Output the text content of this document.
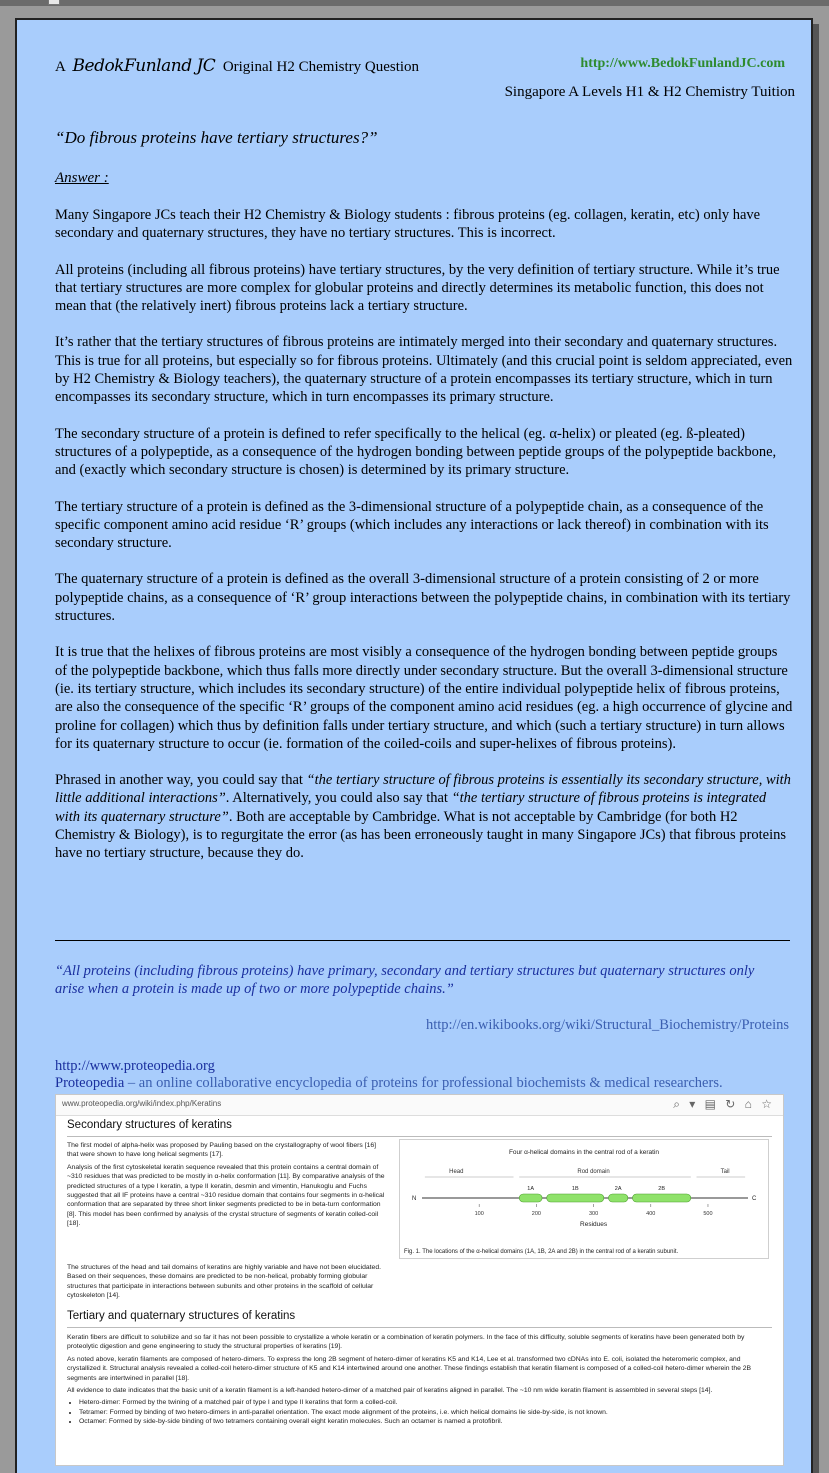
A BedokFunland JC Original H2 Chemistry Question	http://www.BedokFunlandJC.com
Singapore A Levels H1 & H2 Chemistry Tuition
“Do fibrous proteins have tertiary structures?”
Answer :

Many Singapore JCs teach their H2 Chemistry & Biology students : fibrous proteins (eg. collagen, keratin, etc) only have secondary and quaternary structures, they have no tertiary structures. This is incorrect.

All proteins (including all fibrous proteins) have tertiary structures, by the very definition of tertiary structure. While it’s true that tertiary structures are more complex for globular proteins and directly determines its metabolic function, this does not mean that (the relatively inert) fibrous proteins lack a tertiary structure.

It’s rather that the tertiary structures of fibrous proteins are intimately merged into their secondary and quaternary structures. This is true for all proteins, but especially so for fibrous proteins. Ultimately (and this crucial point is seldom appreciated, even by H2 Chemistry & Biology teachers), the quaternary structure of a protein encompasses its tertiary structure, which in turn encompasses its secondary structure, which in turn encompasses its primary structure.

The secondary structure of a protein is defined to refer specifically to the helical (eg. α-helix) or pleated (eg. ß-pleated) structures of a polypeptide, as a consequence of the hydrogen bonding between peptide groups of the polypeptide backbone, and (exactly which secondary structure is chosen) is determined by its primary structure.

The tertiary structure of a protein is defined as the 3-dimensional structure of a polypeptide chain, as a consequence of the specific component amino acid residue ‘R’ groups (which includes any interactions or lack thereof) in combination with its secondary structure.

The quaternary structure of a protein is defined as the overall 3-dimensional structure of a protein consisting of 2 or more polypeptide chains, as a consequence of ‘R’ group interactions between the polypeptide chains, in combination with its tertiary structures.

It is true that the helixes of fibrous proteins are most visibly a consequence of the hydrogen bonding between peptide groups of the polypeptide backbone, which thus falls more directly under secondary structure. But the overall 3-dimensional structure (ie. its tertiary structure, which includes its secondary structure) of the entire individual polypeptide helix of fibrous proteins, are also the consequence of the specific ‘R’ groups of the component amino acid residues (eg. a high occurrence of glycine and proline for collagen) which thus by definition falls under tertiary structure, and which (such a tertiary structure) in turn allows for its quaternary structure to occur (ie. formation of the coiled-coils and super-helixes of fibrous proteins).

Phrased in another way, you could say that “the tertiary structure of fibrous proteins is essentially its secondary structure, with little additional interactions”. Alternatively, you could also say that “the tertiary structure of fibrous proteins is integrated with its quaternary structure”. Both are acceptable by Cambridge. What is not acceptable by Cambridge (for both H2 Chemistry & Biology), is to regurgitate the error (as has been erroneously taught in many Singapore JCs) that fibrous proteins have no tertiary structure, because they do.

“All proteins (including fibrous proteins) have primary, secondary and tertiary structures but quaternary structures only arise when a protein is made up of two or more polypeptide chains.”
http://en.wikibooks.org/wiki/Structural_Biochemistry/Proteins
http://www.proteopedia.org
Proteopedia – an online collaborative encyclopedia of proteins for professional biochemists & medical researchers.
www.proteopedia.org/wiki/index.php/Keratins	⌕ ▾ ▤ ↻ ⌂ ☆
Secondary structures of keratins

The first model of alpha-helix was proposed by Pauling based on the crystallography of wool fibers [16] that were shown to have long helical segments [17].

Analysis of the first cytoskeletal keratin sequence revealed that this protein contains a central domain of ~310 residues that was predicted to be mostly in α-helix conformation [11]. By comparative analysis of the predicted structures of a type I keratin, a type II keratin, desmin and vimentin, Hanukoglu and Fuchs suggested that all IF proteins have a central ~310 residue domain that contains four segments in α-helical conformation that are separated by three short linker segments predicted to be in beta-turn conformation [8]. This model has been confirmed by analysis of the crystal structure of segments of keratin colled-coil [18].

The structures of the head and tail domains of keratins are highly variable and have not been elucidated. Based on their sequences, these domains are predicted to be non-helical, probably forming globular structures that participate in interactions between subunits and other proteins in the scaffold of cellular cytoskeleton [14].

Four α-helical domains in the central rod of a keratin
Head	Rod domain	Tail
N	C
1A	1B	2A	2B
100	200	300	400	500
Residues
Fig. 1. The locations of the α-helical domains (1A, 1B, 2A and 2B) in the central rod of a keratin subunit.
Tertiary and quaternary structures of keratins

Keratin fibers are difficult to solubilize and so far it has not been possible to crystallize a whole keratin or a combination of keratin polymers. In the face of this difficulty, soluble segments of keratins have been generated both by proteolytic digestion and gene engineering to study the structural properties of keratins [19].

As noted above, keratin filaments are composed of hetero-dimers. To express the long 2B segment of hetero-dimer of keratins K5 and K14, Lee et al. transformed two cDNAs into E. coli, isolated the heteromeric complex, and crystallized it. Structural analysis revealed a colled-coil hetero-dimer structure of K5 and K14 intertwined around one another. These findings establish that keratin filament is composed of a colled-coil hetero-dimer wherein the 2B segments are intertwined in parallel [18].

All evidence to date indicates that the basic unit of a keratin filament is a left-handed hetero-dimer of a matched pair of keratins aligned in parallel. The ~10 nm wide keratin filament is assembled in several steps [14].

• Hetero-dimer: Formed by the twining of a matched pair of type I and type II keratins that form a colled-coil.
• Tetramer: Formed by binding of two hetero-dimers in anti-parallel orientation. The exact mode alignment of the proteins, i.e. which helical domains lie side-by-side, is not known.
• Octamer: Formed by side-by-side binding of two tetramers containing overall eight keratin molecules. Such an octamer is named a protofibril.
